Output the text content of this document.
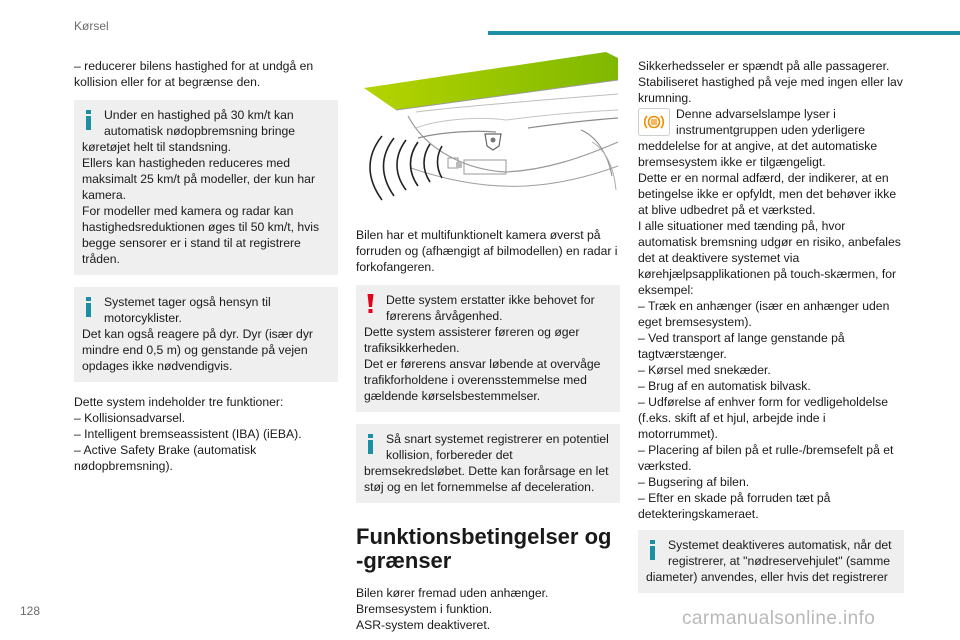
Kørsel
– reducerer bilens hastighed for at undgå en kollision eller for at begrænse den.
Under en hastighed på 30 km/t kan automatisk nødopbremsning bringe
køretøjet helt til standsning.
Ellers kan hastigheden reduceres med maksimalt 25 km/t på modeller, der kun har kamera.
For modeller med kamera og radar kan hastighedsreduktionen øges til 50 km/t, hvis begge sensorer er i stand til at registrere tråden.
Systemet tager også hensyn til motorcyklister.
Det kan også reagere på dyr. Dyr (især dyr mindre end 0,5 m) og genstande på vejen opdages ikke nødvendigvis.
Dette system indeholder tre funktioner:
– Kollisionsadvarsel.
– Intelligent bremseassistent (IBA) (iEBA).
– Active Safety Brake (automatisk nødopbremsning).
Bilen har et multifunktionelt kamera øverst på forruden og (afhængigt af bilmodellen) en radar i forkofangeren.
Dette system erstatter ikke behovet for førerens årvågenhed.
Dette system assisterer føreren og øger trafiksikkerheden.
Det er førerens ansvar løbende at overvåge trafikforholdene i overensstemmelse med gældende kørselsbestemmelser.
Så snart systemet registrerer en potentiel kollision, forbereder det
bremsekredsløbet. Dette kan forårsage en let støj og en let fornemmelse af deceleration.
Funktionsbetingelser og -grænser
Bilen kører fremad uden anhænger.
Bremsesystem i funktion.
ASR-system deaktiveret.
Sikkerhedsseler er spændt på alle passagerer.
Stabiliseret hastighed på veje med ingen eller lav krumning.
Denne advarselslampe lyser i instrumentgruppen uden yderligere
meddelelse for at angive, at det automatiske bremsesystem ikke er tilgængeligt.
Dette er en normal adfærd, der indikerer, at en betingelse ikke er opfyldt, men det behøver ikke at blive udbedret på et værksted.
I alle situationer med tænding på, hvor automatisk bremsning udgør en risiko, anbefales det at deaktivere systemet via kørehjælpsapplikationen på touch-skærmen, for eksempel:
– Træk en anhænger (især en anhænger uden eget bremsesystem).
– Ved transport af lange genstande på tagtværstænger.
– Kørsel med snekæder.
– Brug af en automatisk bilvask.
– Udførelse af enhver form for vedligeholdelse (f.eks. skift af et hjul, arbejde inde i motorrummet).
– Placering af bilen på et rulle-/bremsefelt på et værksted.
– Bugsering af bilen.
– Efter en skade på forruden tæt på detekteringskameraet.
Systemet deaktiveres automatisk, når det registrerer, at "nødreservehjulet" (samme
diameter) anvendes, eller hvis det registrerer
128	carmanualsonline.info
